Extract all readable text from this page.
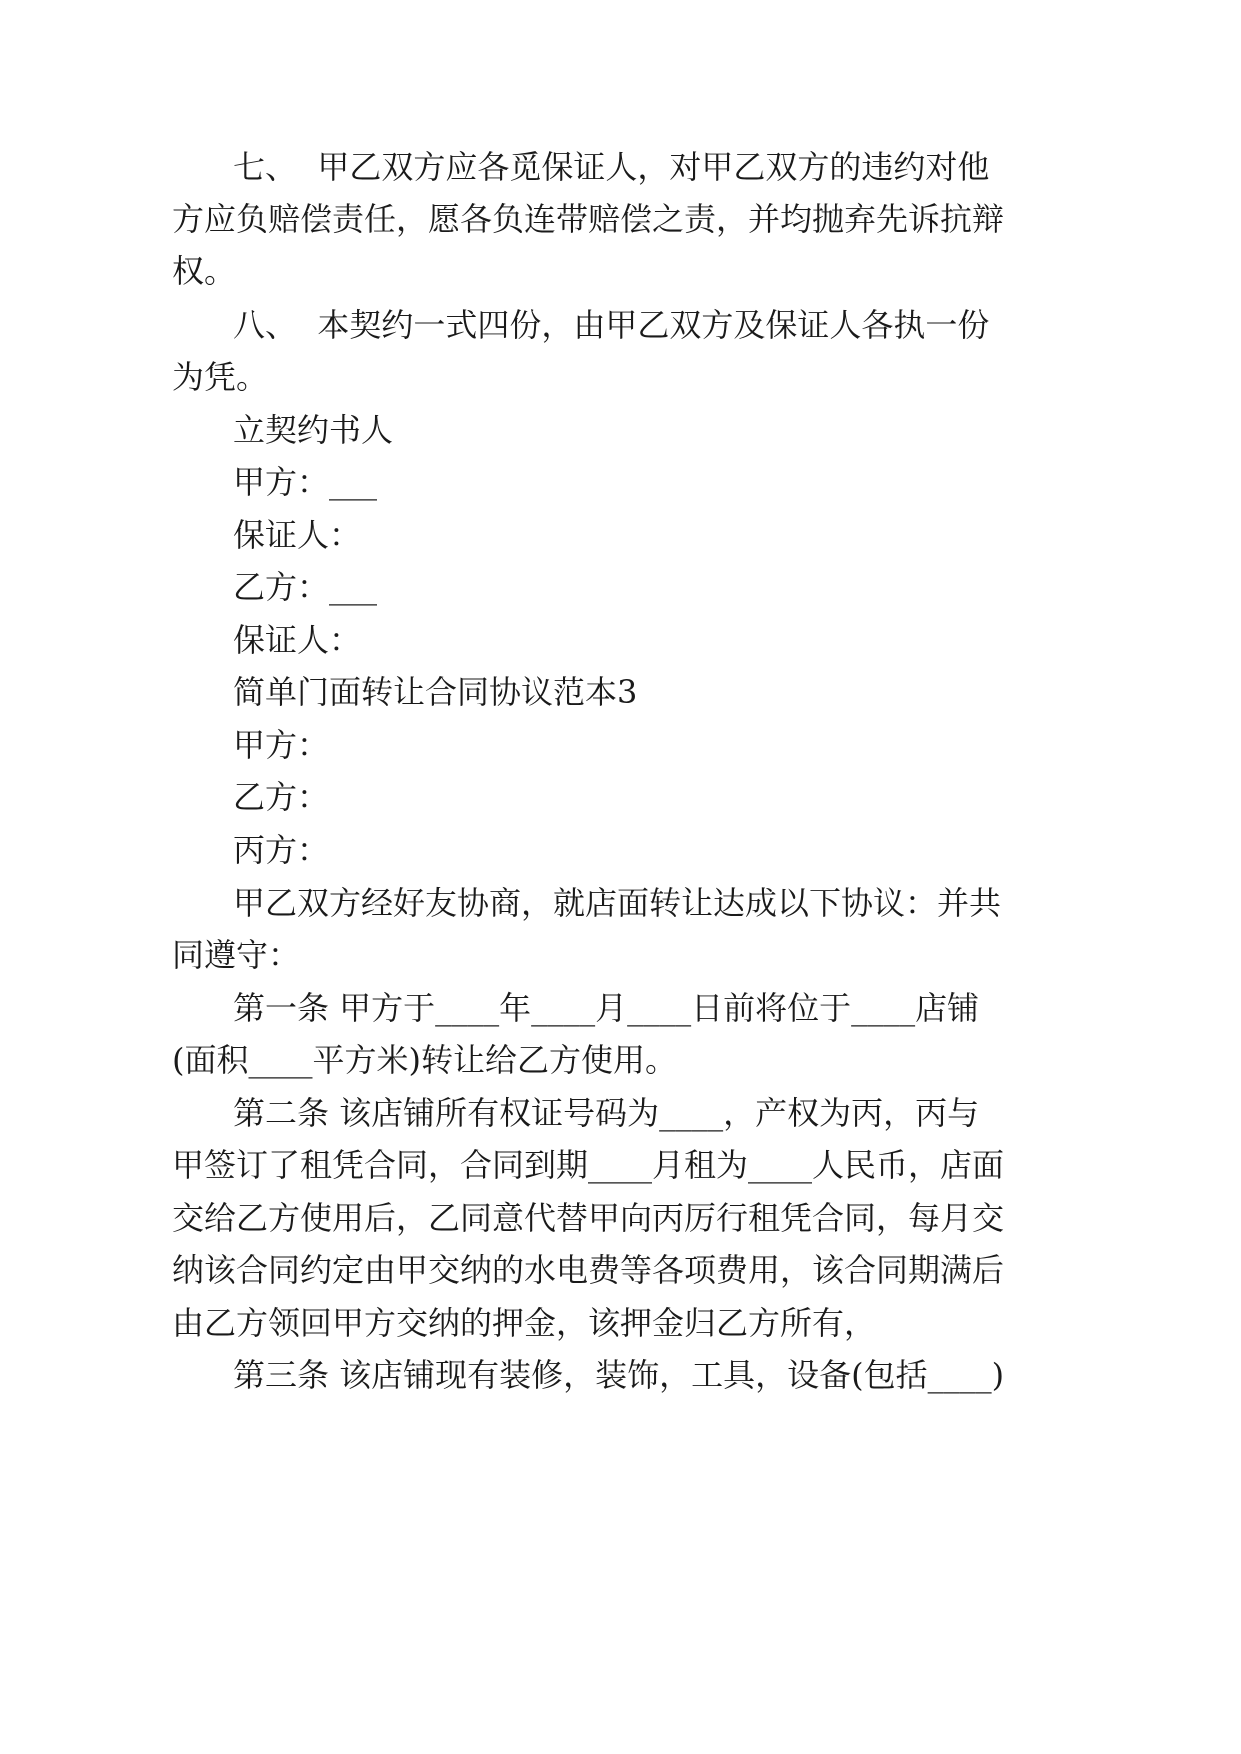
七、  甲乙双方应各觅保证人，对甲乙双方的违约对他
方应负赔偿责任，愿各负连带赔偿之责，并均抛弃先诉抗辩
权。
八、  本契约一式四份，由甲乙双方及保证人各执一份
为凭。
立契约书人
甲方：___
保证人：
乙方：___
保证人：
简单门面转让合同协议范本3
甲方：
乙方：
丙方：
甲乙双方经好友协商，就店面转让达成以下协议：并共
同遵守：
第一条 甲方于____年____月____日前将位于____店铺
(面积____平方米)转让给乙方使用。
第二条 该店铺所有权证号码为____，产权为丙，丙与
甲签订了租凭合同，合同到期____月租为____人民币，店面
交给乙方使用后，乙同意代替甲向丙厉行租凭合同，每月交
纳该合同约定由甲交纳的水电费等各项费用，该合同期满后
由乙方领回甲方交纳的押金，该押金归乙方所有，
第三条 该店铺现有装修，装饰，工具，设备(包括____)
